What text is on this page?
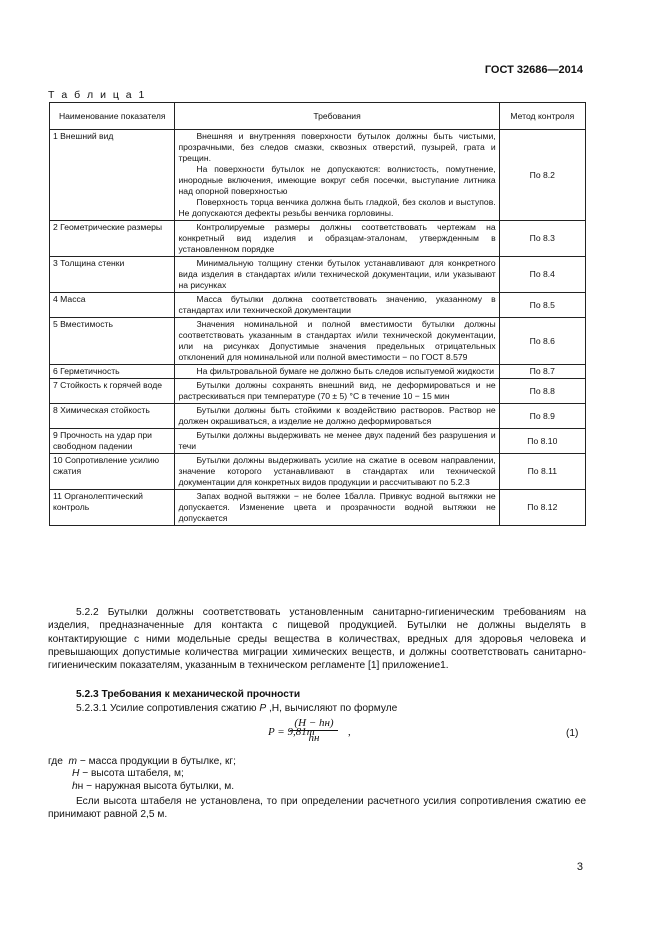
ГОСТ 32686—2014
Т а б л и ц а 1
Наименование показателя	Требования	Метод контроля
1 Внешний вид	Внешняя и внутренняя поверхности бутылок должны быть чистыми, прозрачными, без следов смазки, сквозных отверстий, пузырей, грата и трещин.
На поверхности бутылок не допускаются: волнистость, помутнение, инородные включения, имеющие вокруг себя посечки, выступание литника над опорной поверхностью
Поверхность торца венчика должна быть гладкой, без сколов и выступов. Не допускаются дефекты резьбы венчика горловины.	По 8.2
2 Геометрические размеры	Контролируемые размеры должны соответствовать чертежам на конкретный вид изделия и образцам-эталонам, утвержденным в установленном порядке	По 8.3
3 Толщина стенки	Минимальную толщину стенки бутылок устанавливают для конкретного вида изделия в стандартах и/или технической документации, или указывают на рисунках	По 8.4
4 Масса	Масса бутылки должна соответствовать значению, указанному в стандартах или технической документации	По 8.5
5 Вместимость	Значения номинальной и полной вместимости бутылки должны соответствовать указанным в стандартах и/или технической документации, или на рисунках Допустимые значения предельных отрицательных отклонений для номинальной или полной вместимости − по ГОСТ 8.579	По 8.6
6 Герметичность	На фильтровальной бумаге не должно быть следов испытуемой жидкости	По 8.7
7 Стойкость к горячей воде	Бутылки должны сохранять внешний вид, не деформироваться и не растрескиваться при температуре (70 ± 5) °С в течение 10 − 15 мин	По 8.8
8 Химическая стойкость	Бутылки должны быть стойкими к воздействию растворов. Раствор не должен окрашиваться, а изделие не должно деформироваться	По 8.9
9 Прочность на удар при свободном падении	Бутылки должны выдерживать не менее двух падений без разрушения и течи	По 8.10
10 Сопротивление усилию сжатия	Бутылки должны выдерживать усилие на сжатие в осевом направлении, значение которого устанавливают в стандартах или технической документации для конкретных видов продукции и рассчитывают по 5.2.3	По 8.11
11 Органолептический контроль	Запах водной вытяжки − не более 1балла. Привкус водной вытяжки не допускается. Изменение цвета и прозрачности водной вытяжки не допускается	По 8.12

5.2.2 Бутылки должны соответствовать установленным санитарно-гигиеническим требованиям на изделия, предназначенные для контакта с пищевой продукцией. Бутылки не должны выделять в контактирующие с ними модельные среды вещества в количествах, вредных для здоровья человека и превышающих допустимые количества миграции химических веществ, и должны соответствовать санитарно-гигиеническим показателям, указанным в техническом регламенте [1] приложение1.

5.2.3 Требования к механической прочности
5.2.3.1 Усилие сопротивления сжатию Р ,Н, вычисляют по формуле
P = 9,81m
(H − hн)
hн	,	(1)
где m − масса продукции в бутылке, кг;
Н − высота штабеля, м;
hн − наружная высота бутылки, м.

Если высота штабеля не установлена, то при определении расчетного усилия сопротивления сжатию ее принимают равной 2,5 м.

3
